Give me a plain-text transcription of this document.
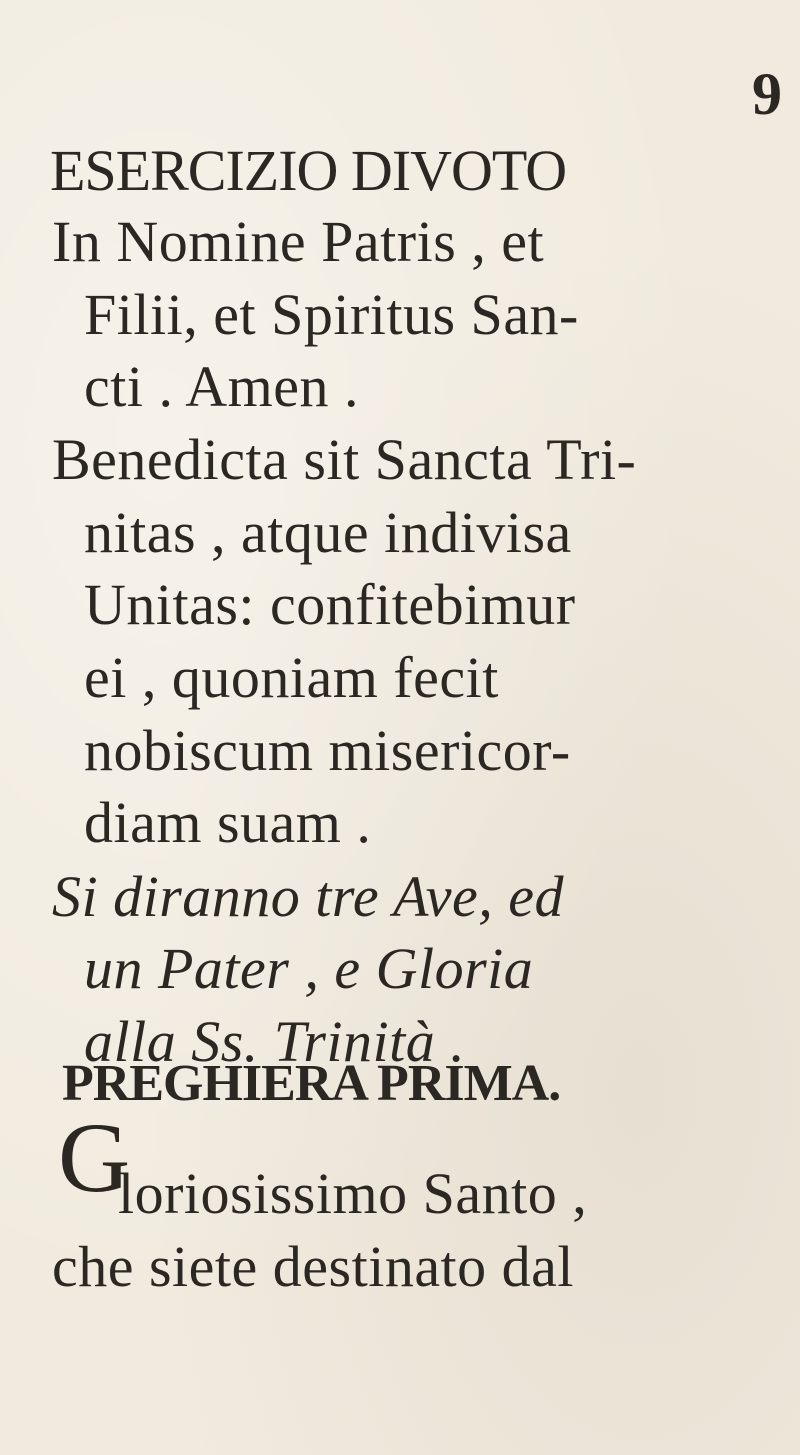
9
ESERCIZIO DIVOTO
In Nomine Patris , et
Filii, et Spiritus San-
cti . Amen .
Benedicta sit Sancta Tri-
nitas , atque indivisa
Unitas: confitebimur
ei , quoniam fecit
nobiscum misericor-
diam suam .
Si diranno tre Ave, ed
un Pater , e Gloria
alla Ss. Trinità .
PREGHIERA PRIMA.
G
loriosissimo Santo ,
che siete destinato dal
